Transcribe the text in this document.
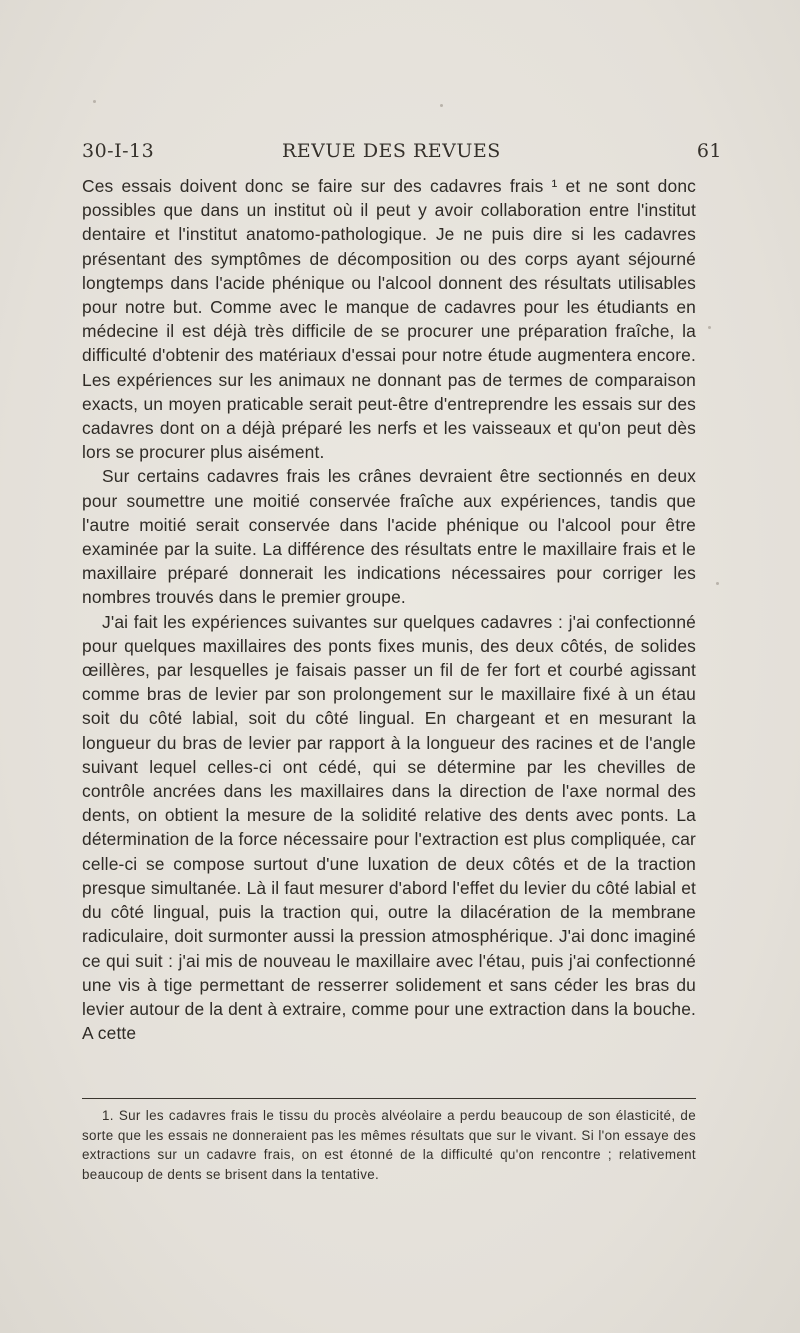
30-I-13	REVUE DES REVUES	61

Ces essais doivent donc se faire sur des cadavres frais ¹ et ne sont donc possibles que dans un institut où il peut y avoir collaboration entre l'institut dentaire et l'institut anatomo-pathologique. Je ne puis dire si les cadavres présentant des symptômes de décomposition ou des corps ayant séjourné longtemps dans l'acide phénique ou l'alcool donnent des résultats utilisables pour notre but. Comme avec le manque de cadavres pour les étudiants en médecine il est déjà très difficile de se procurer une préparation fraîche, la difficulté d'obtenir des matériaux d'essai pour notre étude augmentera encore. Les expériences sur les animaux ne donnant pas de termes de comparaison exacts, un moyen praticable serait peut-être d'entreprendre les essais sur des cadavres dont on a déjà préparé les nerfs et les vaisseaux et qu'on peut dès lors se procurer plus aisément.

Sur certains cadavres frais les crânes devraient être sectionnés en deux pour soumettre une moitié conservée fraîche aux expériences, tandis que l'autre moitié serait conservée dans l'acide phénique ou l'alcool pour être examinée par la suite. La différence des résultats entre le maxillaire frais et le maxillaire préparé donnerait les indications nécessaires pour corriger les nombres trouvés dans le premier groupe.

J'ai fait les expériences suivantes sur quelques cadavres : j'ai confectionné pour quelques maxillaires des ponts fixes munis, des deux côtés, de solides œillères, par lesquelles je faisais passer un fil de fer fort et courbé agissant comme bras de levier par son prolongement sur le maxillaire fixé à un étau soit du côté labial, soit du côté lingual. En chargeant et en mesurant la longueur du bras de levier par rapport à la longueur des racines et de l'angle suivant lequel celles-ci ont cédé, qui se détermine par les chevilles de contrôle ancrées dans les maxillaires dans la direction de l'axe normal des dents, on obtient la mesure de la solidité relative des dents avec ponts. La détermination de la force nécessaire pour l'extraction est plus compliquée, car celle-ci se compose surtout d'une luxation de deux côtés et de la traction presque simultanée. Là il faut mesurer d'abord l'effet du levier du côté labial et du côté lingual, puis la traction qui, outre la dilacération de la membrane radiculaire, doit surmonter aussi la pression atmosphérique. J'ai donc imaginé ce qui suit : j'ai mis de nouveau le maxillaire avec l'étau, puis j'ai confectionné une vis à tige permettant de resserrer solidement et sans céder les bras du levier autour de la dent à extraire, comme pour une extraction dans la bouche. A cette

1. Sur les cadavres frais le tissu du procès alvéolaire a perdu beaucoup de son élasticité, de sorte que les essais ne donneraient pas les mêmes résultats que sur le vivant. Si l'on essaye des extractions sur un cadavre frais, on est étonné de la difficulté qu'on rencontre ; relativement beaucoup de dents se brisent dans la tentative.
